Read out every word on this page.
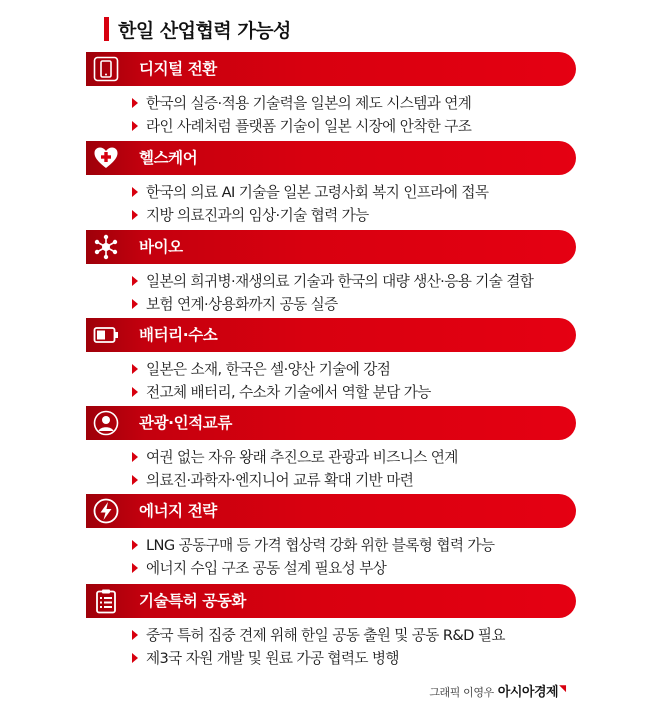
한일 산업협력 가능성
디지털 전환
한국의 실증·적용 기술력을 일본의 제도 시스템과 연계
라인 사례처럼 플랫폼 기술이 일본 시장에 안착한 구조
헬스케어
한국의 의료 AI 기술을 일본 고령사회 복지 인프라에 접목
지방 의료진과의 임상·기술 협력 가능
바이오
일본의 희귀병·재생의료 기술과 한국의 대량 생산·응용 기술 결합
보험 연계·상용화까지 공동 실증
배터리·수소
일본은 소재, 한국은 셀·양산 기술에 강점
전고체 배터리, 수소차 기술에서 역할 분담 가능
관광·인적교류
여권 없는 자유 왕래 추진으로 관광과 비즈니스 연계
의료진·과학자·엔지니어 교류 확대 기반 마련
에너지 전략
LNG 공동구매 등 가격 협상력 강화 위한 블록형 협력 가능
에너지 수입 구조 공동 설계 필요성 부상
기술특허 공동화
중국 특허 집중 견제 위해 한일 공동 출원 및 공동 R&D 필요
제3국 자원 개발 및 원료 가공 협력도 병행
그래픽 이영우 아시아경제 ◥
